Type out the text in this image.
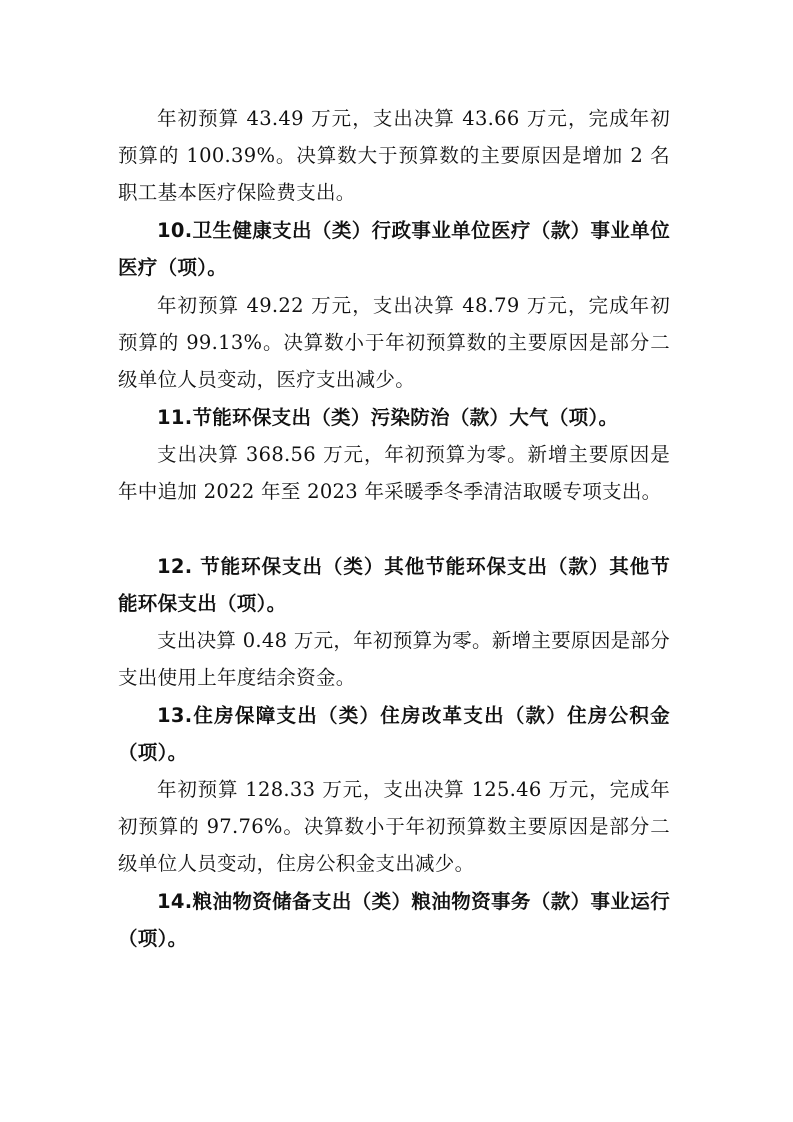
年初预算 43.49 万元，支出决算 43.66 万元，完成年初预算的 100.39%。决算数大于预算数的主要原因是增加 2 名职工基本医疗保险费支出。

10.卫生健康支出（类）行政事业单位医疗（款）事业单位医疗（项）。

年初预算 49.22 万元，支出决算 48.79 万元，完成年初预算的 99.13%。决算数小于年初预算数的主要原因是部分二级单位人员变动，医疗支出减少。

11.节能环保支出（类）污染防治（款）大气（项）。

支出决算 368.56 万元，年初预算为零。新增主要原因是年中追加 2022 年至 2023 年采暖季冬季清洁取暖专项支出。

12. 节能环保支出（类）其他节能环保支出（款）其他节能环保支出（项）。

支出决算 0.48 万元，年初预算为零。新增主要原因是部分支出使用上年度结余资金。

13.住房保障支出（类）住房改革支出（款）住房公积金（项）。

年初预算 128.33 万元，支出决算 125.46 万元，完成年初预算的 97.76%。决算数小于年初预算数主要原因是部分二级单位人员变动，住房公积金支出减少。

14.粮油物资储备支出（类）粮油物资事务（款）事业运行（项）。
